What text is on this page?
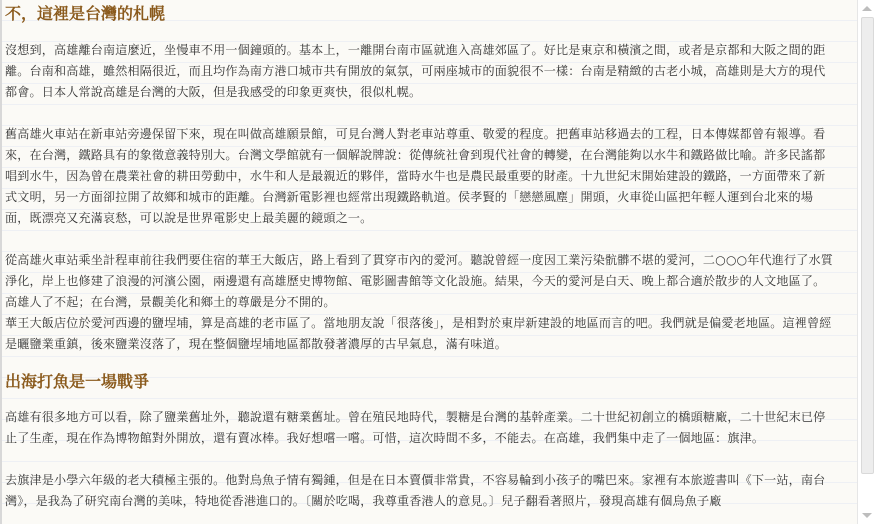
不，這裡是台灣的札幌

沒想到，高雄離台南這麼近，坐慢車不用一個鐘頭的。基本上，一離開台南市區就進入高雄郊區了。好比是東京和橫濱之間，或者是京都和大阪之間的距離。台南和高雄，雖然相隔很近，而且均作為南方港口城市共有開放的氣氛，可兩座城市的面貌很不一樣：台南是精緻的古老小城，高雄則是大方的現代都會。日本人常說高雄是台灣的大阪，但是我感受的印象更爽快，很似札幌。

舊高雄火車站在新車站旁邊保留下來，現在叫做高雄願景館，可見台灣人對老車站尊重、敬愛的程度。把舊車站移過去的工程，日本傳媒都曾有報導。看來，在台灣，鐵路具有的象徵意義特別大。台灣文學館就有一個解說牌說：從傳統社會到現代社會的轉變，在台灣能夠以水牛和鐵路做比喻。許多民謠都唱到水牛，因為曾在農業社會的耕田勞動中，水牛和人是最親近的夥伴，當時水牛也是農民最重要的財產。十九世紀末開始建設的鐵路，一方面帶來了新式文明，另一方面卻拉開了故鄉和城市的距離。台灣新電影裡也經常出現鐵路軌道。侯孝賢的「戀戀風塵」開頭，火車從山區把年輕人運到台北來的場面，既漂亮又充滿哀愁，可以說是世界電影史上最美麗的鏡頭之一。

從高雄火車站乘坐計程車前往我們要住宿的華王大飯店，路上看到了貫穿市內的愛河。聽說曾經一度因工業污染骯髒不堪的愛河，二○○○年代進行了水質淨化，岸上也修建了浪漫的河濱公園，兩邊還有高雄歷史博物館、電影圖書館等文化設施。結果，今天的愛河是白天、晚上都合適於散步的人文地區了。高雄人了不起；在台灣，景觀美化和鄉土的尊嚴是分不開的。

華王大飯店位於愛河西邊的鹽埕埔，算是高雄的老市區了。當地朋友說「很落後」，是相對於東岸新建設的地區而言的吧。我們就是偏愛老地區。這裡曾經是曬鹽業重鎮，後來鹽業沒落了，現在整個鹽埕埔地區都散發著濃厚的古早氣息，滿有味道。

出海打魚是一場戰爭

高雄有很多地方可以看，除了鹽業舊址外，聽說還有糖業舊址。曾在殖民地時代，製糖是台灣的基幹產業。二十世紀初創立的橋頭糖廠，二十世紀末已停止了生產，現在作為博物館對外開放，還有賣冰棒。我好想嚐一嚐。可惜，這次時間不多，不能去。在高雄，我們集中走了一個地區：旗津。

去旗津是小學六年級的老大積極主張的。他對烏魚子情有獨鍾，但是在日本賣價非常貴，不容易輪到小孩子的嘴巴來。家裡有本旅遊書叫《下一站，南台灣》，是我為了研究南台灣的美味，特地從香港進口的。〔關於吃喝，我尊重香港人的意見。〕兒子翻看著照片，發現高雄有個烏魚子廠
